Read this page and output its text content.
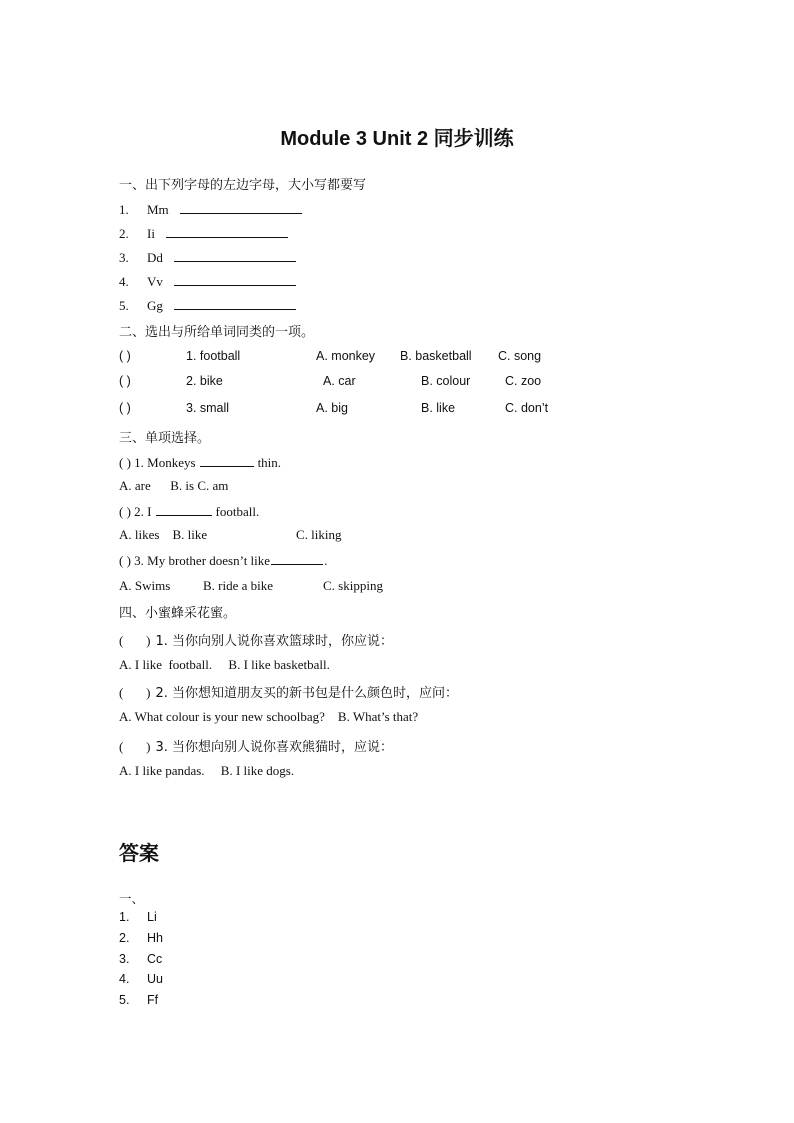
Module 3 Unit 2 同步训练
一、出下列字母的左边字母，大小写都要写
1. Mm
2. Ii
3. Dd
4. Vv
5. Gg
二、选出与所给单词同类的一项。
( )	1. football	A. monkey B. basketball C. song
( )	2. bike	A. car	B. colour	C. zoo
( )	3. small	A. big	B. like	C. don’t
三、单项选择。
( ) 1. Monkeys	thin.
A. are      B. is C. am
( ) 2. I	football.
A. likes    B. like	C. liking
( ) 3. My brother doesn’t like	.
A. Swims	B. ride a bike	C. skipping
四、小蜜蜂采花蜜。
(       ) 1. 当你向别人说你喜欢篮球时，你应说：
A. I like  football.     B. I like basketball.
(       ) 2. 当你想知道朋友买的新书包是什么颜色时，应问：
A. What colour is your new schoolbag?    B. What’s that?
(       ) 3. 当你想向别人说你喜欢熊猫时，应说：
A. I like pandas.     B. I like dogs.
答案
一、
1. Li
2. Hh
3. Cc
4. Uu
5. Ff
